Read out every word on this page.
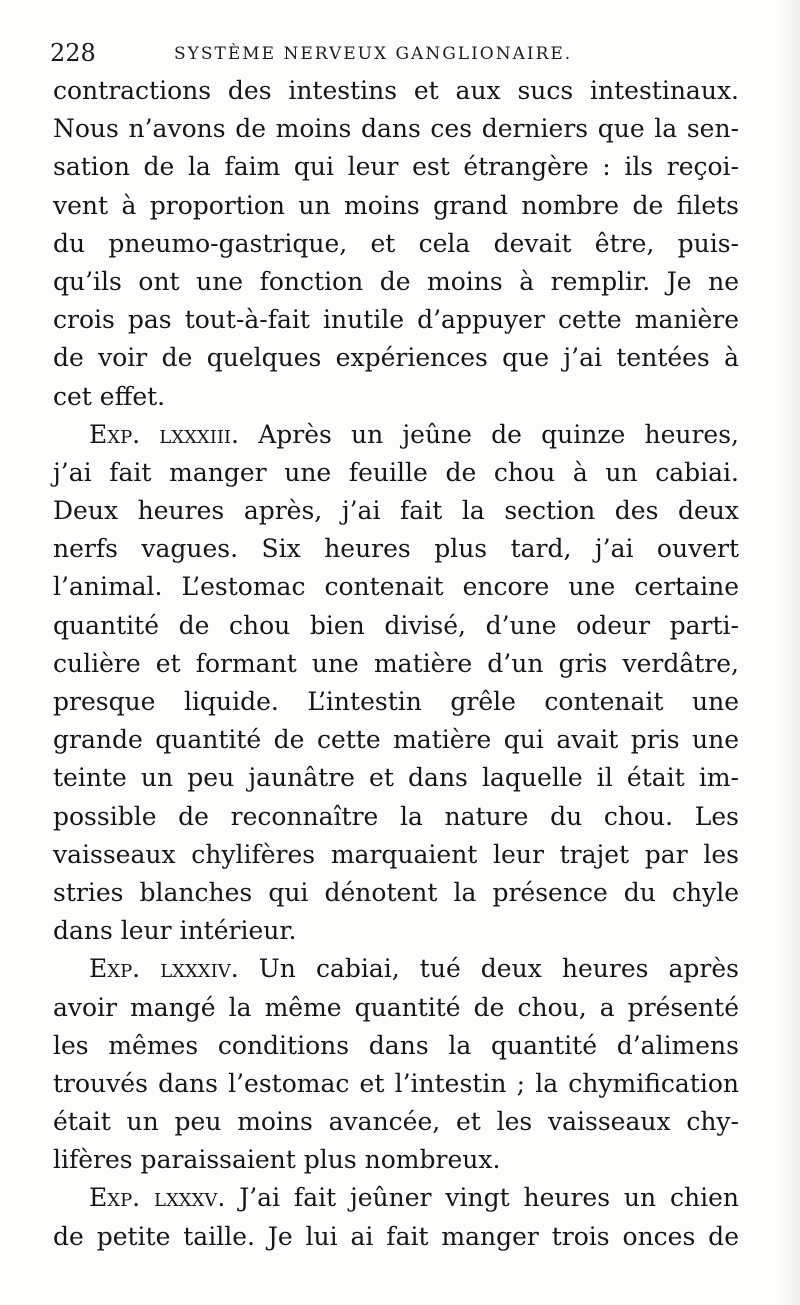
228	SYSTÈME NERVEUX GANGLIONAIRE.
contractions des intestins et aux sucs intestinaux.
Nous n’avons de moins dans ces derniers que la sen-
sation de la faim qui leur est étrangère : ils reçoi-
vent à proportion un moins grand nombre de filets
du pneumo-gastrique, et cela devait être, puis-
qu’ils ont une fonction de moins à remplir. Je ne
crois pas tout-à-fait inutile d’appuyer cette manière
de voir de quelques expériences que j’ai tentées à
cet effet.
Exp. lxxxiii. Après un jeûne de quinze heures,
j’ai fait manger une feuille de chou à un cabiai.
Deux heures après, j’ai fait la section des deux
nerfs vagues. Six heures plus tard, j’ai ouvert
l’animal. L’estomac contenait encore une certaine
quantité de chou bien divisé, d’une odeur parti-
culière et formant une matière d’un gris verdâtre,
presque liquide. L’intestin grêle contenait une
grande quantité de cette matière qui avait pris une
teinte un peu jaunâtre et dans laquelle il était im-
possible de reconnaître la nature du chou. Les
vaisseaux chylifères marquaient leur trajet par les
stries blanches qui dénotent la présence du chyle
dans leur intérieur.
Exp. lxxxiv. Un cabiai, tué deux heures après
avoir mangé la même quantité de chou, a présenté
les mêmes conditions dans la quantité d’alimens
trouvés dans l’estomac et l’intestin ; la chymification
était un peu moins avancée, et les vaisseaux chy-
lifères paraissaient plus nombreux.
Exp. lxxxv. J’ai fait jeûner vingt heures un chien
de petite taille. Je lui ai fait manger trois onces de
